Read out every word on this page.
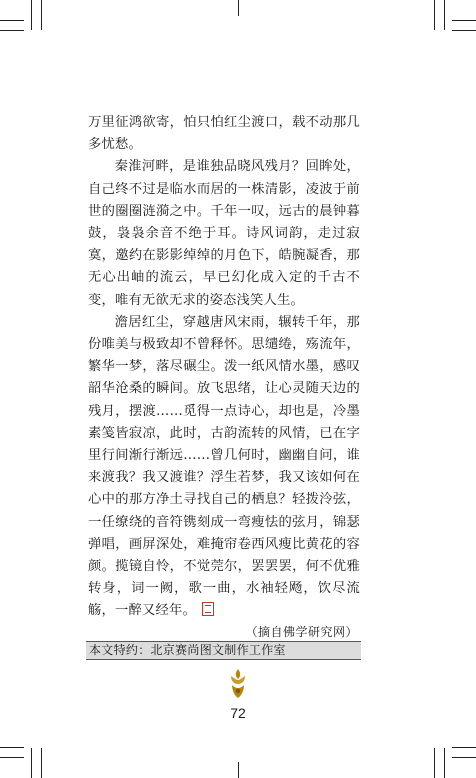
万里征鸿欲寄，怕只怕红尘渡口，载不动那几多忧愁。

秦淮河畔，是谁独品晓风残月？回眸处，自己终不过是临水而居的一株清影，凌波于前世的圈圈涟漪之中。千年一叹，远古的晨钟暮鼓，袅袅余音不绝于耳。诗风词韵，走过寂寞，邀约在影影绰绰的月色下，皓腕凝香，那无心出岫的流云，早已幻化成入定的千古不变，唯有无欲无求的姿态浅笑人生。

澹居红尘，穿越唐风宋雨，辗转千年，那份唯美与极致却不曾释怀。思缱绻，殇流年，繁华一梦，落尽碾尘。泼一纸风情水墨，感叹韶华沧桑的瞬间。放飞思绪，让心灵随天边的残月，摆渡……觅得一点诗心，却也是，冷墨素笺皆寂凉，此时，古韵流转的风情，已在字里行间渐行渐远……曾几何时，幽幽自问，谁来渡我？我又渡谁？浮生若梦，我又该如何在心中的那方净土寻找自己的栖息？轻拨泠弦，一任缭绕的音符镌刻成一弯瘦怯的弦月，锦瑟弹唱，画屏深处，难掩帘卷西风瘦比黄花的容颜。揽镜自怜，不觉莞尔，罢罢罢，何不优雅转身，词一阙，歌一曲，水袖轻飏，饮尽流觞，一醉又经年。

（摘自佛学研究网）
本文特约：北京赛尚图文制作工作室
72
